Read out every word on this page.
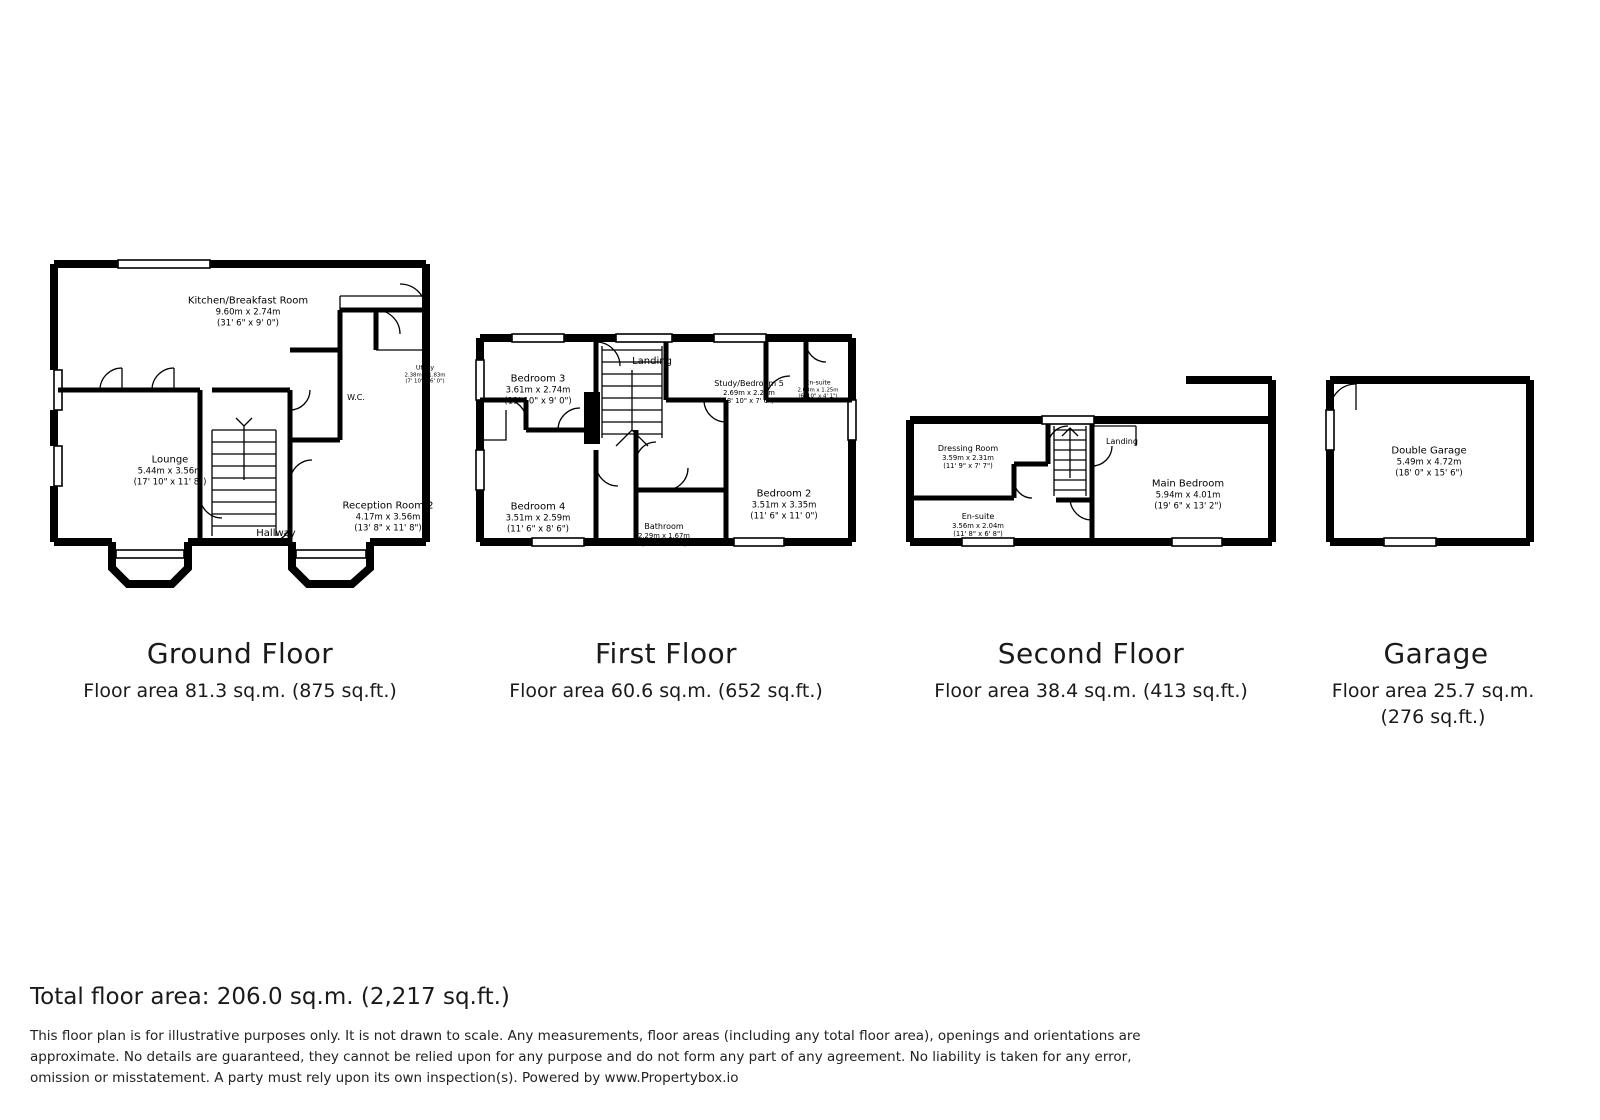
Kitchen/Breakfast Room
9.60m x 2.74m
(31' 6" x 9' 0")
Utility
2.38m x 1.83m
(7' 10" x 6' 0")
W.C.
Lounge
5.44m x 3.56m
(17' 10" x 11' 8")
Reception Room 2
4.17m x 3.56m
(13' 8" x 11' 8")
Hallway
Ground Floor
Floor area 81.3 sq.m. (875 sq.ft.)
Landing
Bedroom 3
3.61m x 2.74m
(11' 10" x 9' 0")
Study/Bedroom 5
2.69m x 2.29m
(8' 10" x 7' 6")
En-suite
2.08m x 1.25m
(6' 10" x 4' 1")
Bedroom 2
3.51m x 3.35m
(11' 6" x 11' 0")
Bedroom 4
3.51m x 2.59m
(11' 6" x 8' 6")	Bathroom
2.29m x 1.67m
(7' 6" x 5' 6")
First Floor
Floor area 60.6 sq.m. (652 sq.ft.)
Landing
Dressing Room
3.59m x 2.31m
(11' 9" x 7' 7")
Main Bedroom
5.94m x 4.01m
(19' 6" x 13' 2")
En-suite
3.56m x 2.04m
(11' 8" x 6' 8")
Second Floor
Floor area 38.4 sq.m. (413 sq.ft.)
Double Garage
5.49m x 4.72m
(18' 0" x 15' 6")
Garage
Floor area 25.7 sq.m. (276 sq.ft.)
Total floor area: 206.0 sq.m. (2,217 sq.ft.)
This floor plan is for illustrative purposes only. It is not drawn to scale. Any measurements, floor areas (including any total floor area), openings and orientations are approximate. No details are guaranteed, they cannot be relied upon for any purpose and do not form any part of any agreement. No liability is taken for any error, omission or misstatement. A party must rely upon its own inspection(s). Powered by www.Propertybox.io
